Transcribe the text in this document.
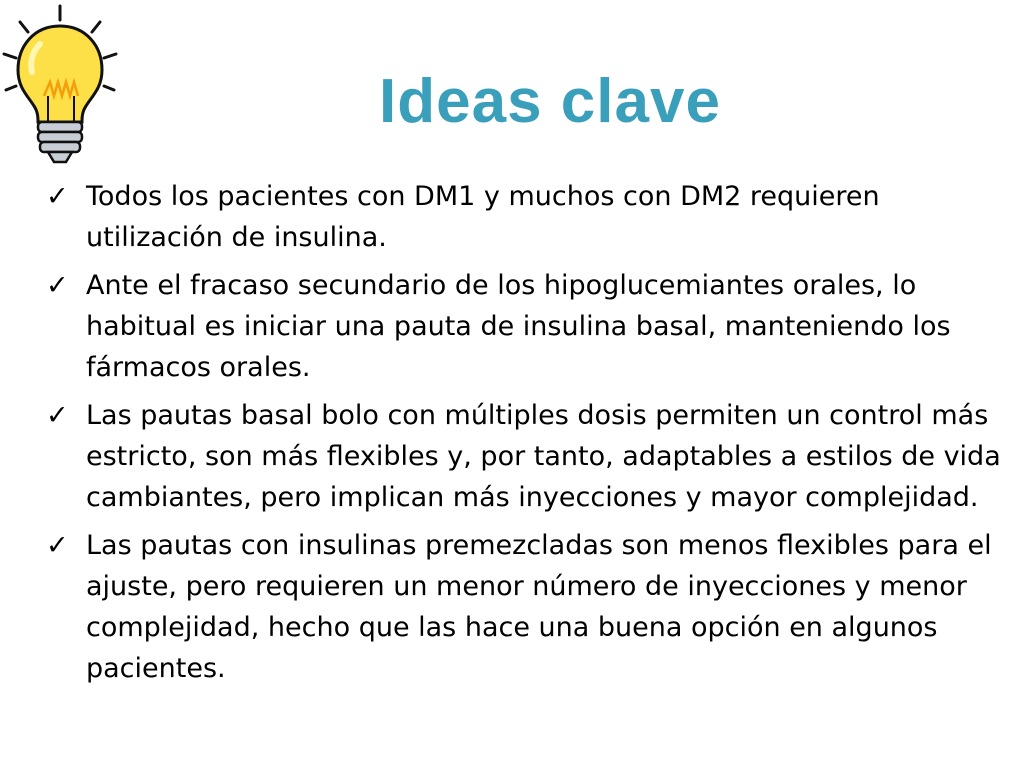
Ideas clave
✓ Todos los pacientes con DM1 y muchos con DM2 requieren utilización de insulina.
✓ Ante el fracaso secundario de los hipoglucemiantes orales, lo habitual es iniciar una pauta de insulina basal, manteniendo los fármacos orales.
✓ Las pautas basal bolo con múltiples dosis permiten un control más estricto, son más flexibles y, por tanto, adaptables a estilos de vida cambiantes, pero implican más inyecciones y mayor complejidad.
✓ Las pautas con insulinas premezcladas son menos flexibles para el ajuste, pero requieren un menor número de inyecciones y menor complejidad, hecho que las hace una buena opción en algunos pacientes.
